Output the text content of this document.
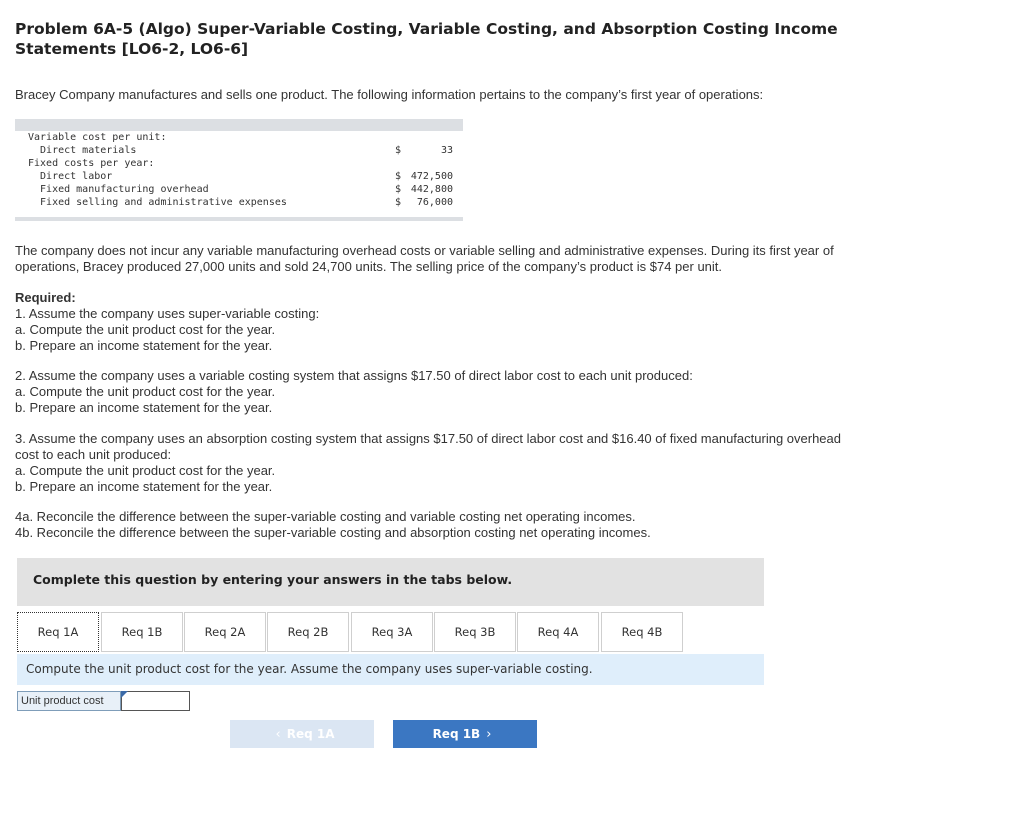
Problem 6A-5 (Algo) Super-Variable Costing, Variable Costing, and Absorption Costing Income Statements [LO6-2, LO6-6]
Bracey Company manufactures and sells one product. The following information pertains to the company’s first year of operations:
Variable cost per unit:
Direct materials	$	33
Fixed costs per year:
Direct labor	$ 472,500
Fixed manufacturing overhead	$ 442,800
Fixed selling and administrative expenses	$ 76,000
The company does not incur any variable manufacturing overhead costs or variable selling and administrative expenses. During its first year of operations, Bracey produced 27,000 units and sold 24,700 units. The selling price of the company’s product is $74 per unit.
Required:
1. Assume the company uses super-variable costing:
a. Compute the unit product cost for the year.
b. Prepare an income statement for the year.
2. Assume the company uses a variable costing system that assigns $17.50 of direct labor cost to each unit produced:
a. Compute the unit product cost for the year.
b. Prepare an income statement for the year.
3. Assume the company uses an absorption costing system that assigns $17.50 of direct labor cost and $16.40 of fixed manufacturing overhead cost to each unit produced:
a. Compute the unit product cost for the year.
b. Prepare an income statement for the year.
4a. Reconcile the difference between the super-variable costing and variable costing net operating incomes.
4b. Reconcile the difference between the super-variable costing and absorption costing net operating incomes.
Complete this question by entering your answers in the tabs below.
Req 1A	Req 1B	Req 2A	Req 2B	Req 3A	Req 3B	Req 4A	Req 4B
Compute the unit product cost for the year. Assume the company uses super-variable costing.
Unit product cost
‹ Req 1A	Req 1B ›
